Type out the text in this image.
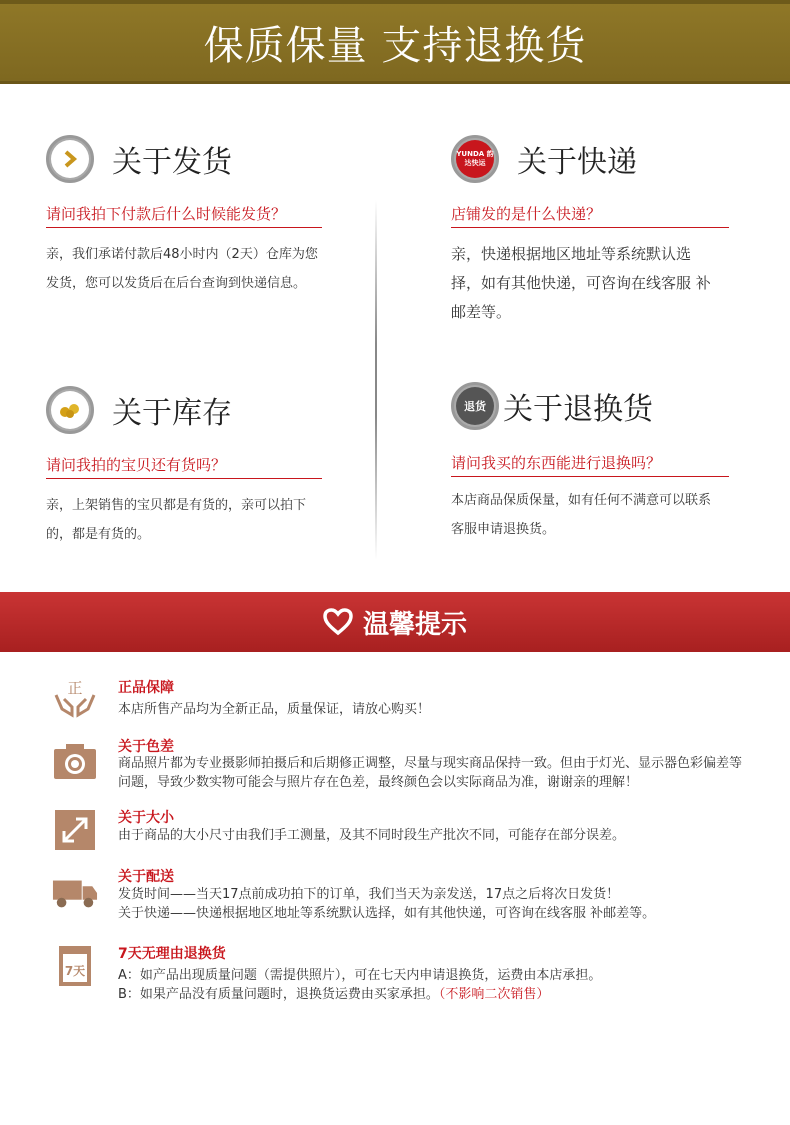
保质保量 支持退换货
关于发货
请问我拍下付款后什么时候能发货？
亲，我们承诺付款后48小时内（2天）仓库为您发货，您可以发货后在后台查询到快递信息。
YUNDA 韵达快运 关于快递
店铺发的是什么快递？
亲，快递根据地区地址等系统默认选择，如有其他快递，可咨询在线客服 补邮差等。
关于库存
请问我拍的宝贝还有货吗？
亲，上架销售的宝贝都是有货的，亲可以拍下的，都是有货的。
退货 关于退换货
请问我买的东西能进行退换吗？
本店商品保质保量，如有任何不满意可以联系客服申请退换货。
温馨提示
正	正品保障
本店所售产品均为全新正品，质量保证，请放心购买！
关于色差
商品照片都为专业摄影师拍摄后和后期修正调整，尽量与现实商品保持一致。但由于灯光、显示器色彩偏差等问题，导致少数实物可能会与照片存在色差，最终颜色会以实际商品为准，谢谢亲的理解！
关于大小
由于商品的大小尺寸由我们手工测量，及其不同时段生产批次不同，可能存在部分误差。
关于配送
发货时间——当天17点前成功拍下的订单，我们当天为亲发送，17点之后将次日发货！
关于快递——快递根据地区地址等系统默认选择，如有其他快递，可咨询在线客服 补邮差等。
7天
7天无理由退换货
A：如产品出现质量问题（需提供照片），可在七天内申请退换货，运费由本店承担。
B：如果产品没有质量问题时，退换货运费由买家承担。（不影响二次销售）
